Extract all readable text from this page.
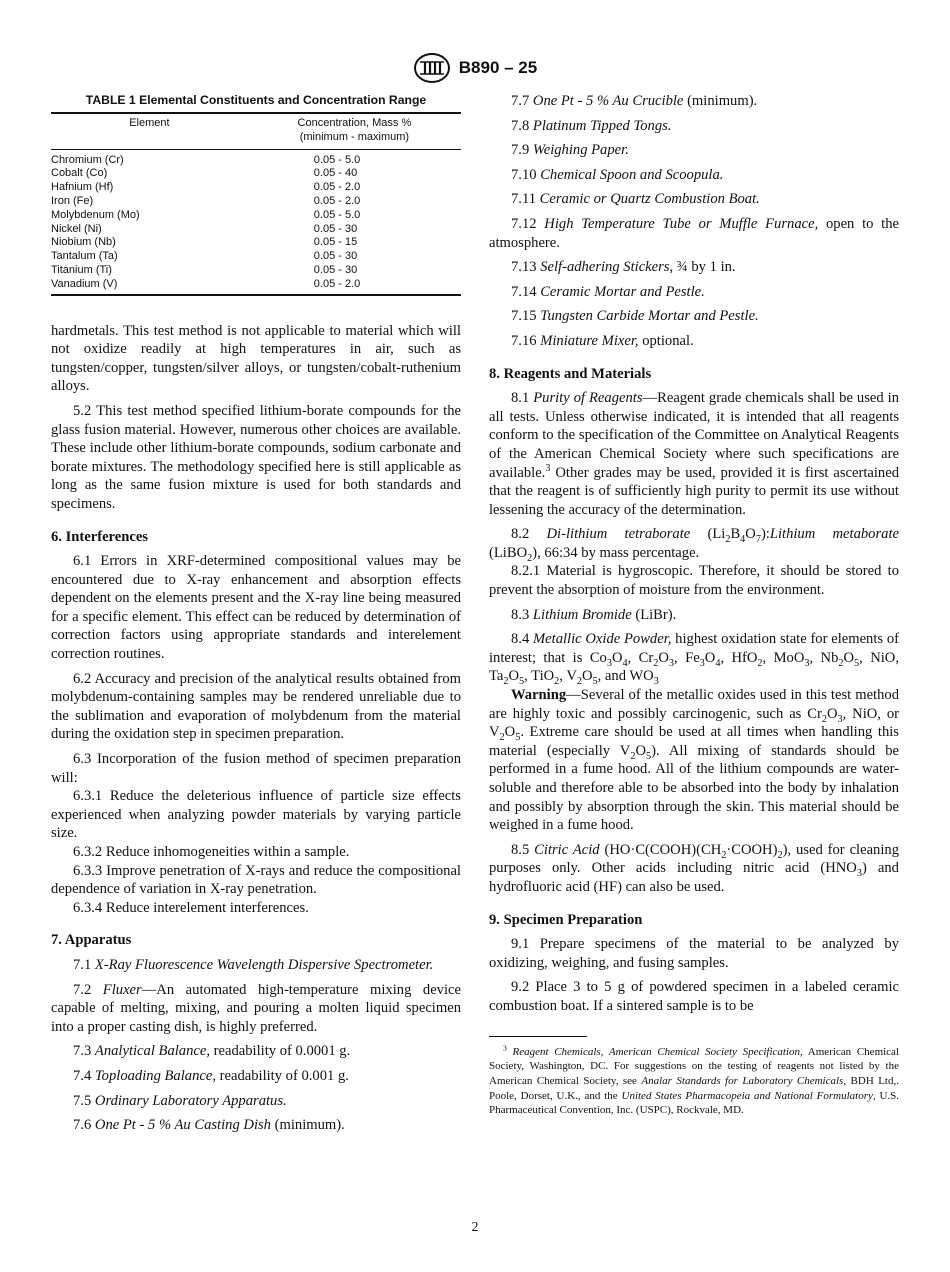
B890 – 25
TABLE 1 Elemental Constituents and Concentration Range
Element	Concentration, Mass %
(minimum - maximum)
Chromium (Cr)	0.05 - 5.0
Cobalt (Co)	0.05 - 40
Hafnium (Hf)	0.05 - 2.0
Iron (Fe)	0.05 - 2.0
Molybdenum (Mo)	0.05 - 5.0
Nickel (Ni)	0.05 - 30
Niobium (Nb)	0.05 - 15
Tantalum (Ta)	0.05 - 30
Titanium (Ti)	0.05 - 30
Vanadium (V)	0.05 - 2.0

hardmetals. This test method is not applicable to material which will not oxidize readily at high temperatures in air, such as tungsten/copper, tungsten/silver alloys, or tungsten/cobalt-ruthenium alloys.

5.2 This test method specified lithium-borate compounds for the glass fusion material. However, numerous other choices are available. These include other lithium-borate compounds, sodium carbonate and borate mixtures. The methodology specified here is still applicable as long as the same fusion mixture is used for both standards and specimens.

6. Interferences

6.1 Errors in XRF-determined compositional values may be encountered due to X-ray enhancement and absorption effects dependent on the elements present and the X-ray line being measured for a specific element. This effect can be reduced by determination of correction factors using appropriate standards and interelement correction routines.

6.2 Accuracy and precision of the analytical results obtained from molybdenum-containing samples may be rendered unreliable due to the sublimation and evaporation of molybdenum from the material during the oxidation step in specimen preparation.

6.3 Incorporation of the fusion method of specimen preparation will:

6.3.1 Reduce the deleterious influence of particle size effects experienced when analyzing powder materials by varying particle size.

6.3.2 Reduce inhomogeneities within a sample.

6.3.3 Improve penetration of X-rays and reduce the compositional dependence of variation in X-ray penetration.

6.3.4 Reduce interelement interferences.

7. Apparatus

7.1 X-Ray Fluorescence Wavelength Dispersive Spectrometer.

7.2 Fluxer—An automated high-temperature mixing device capable of melting, mixing, and pouring a molten liquid specimen into a proper casting dish, is highly preferred.

7.3 Analytical Balance, readability of 0.0001 g.

7.4 Toploading Balance, readability of 0.001 g.

7.5 Ordinary Laboratory Apparatus.

7.6 One Pt - 5 % Au Casting Dish (minimum).

7.7 One Pt - 5 % Au Crucible (minimum).

7.8 Platinum Tipped Tongs.

7.9 Weighing Paper.

7.10 Chemical Spoon and Scoopula.

7.11 Ceramic or Quartz Combustion Boat.

7.12 High Temperature Tube or Muffle Furnace, open to the atmosphere.

7.13 Self-adhering Stickers, ¾ by 1 in.

7.14 Ceramic Mortar and Pestle.

7.15 Tungsten Carbide Mortar and Pestle.

7.16 Miniature Mixer, optional.

8. Reagents and Materials

8.1 Purity of Reagents—Reagent grade chemicals shall be used in all tests. Unless otherwise indicated, it is intended that all reagents conform to the specification of the Committee on Analytical Reagents of the American Chemical Society where such specifications are available.$^3$ Other grades may be used, provided it is first ascertained that the reagent is of sufficiently high purity to permit its use without lessening the accuracy of the determination.

8.2 Di-lithium tetraborate $(Li_2B_4O_7):Lithium$ metaborate (LiBO$_2$), 66:34 by mass percentage.

8.2.1 Material is hygroscopic. Therefore, it should be stored to prevent the absorption of moisture from the environment.

8.3 Lithium Bromide (LiBr).

8.4 Metallic Oxide Powder, highest oxidation state for elements of interest; that is $Co_3O_4$, $Cr_2O_3$, $Fe_3O_4$, HfO$_2$, MoO$_3$, $Nb_2O_5$, NiO, $Ta_2O_5$, TiO$_2$, $V_2O_5$, and $WO_3$

Warning—Several of the metallic oxides used in this test method are highly toxic and possibly carcinogenic, such as $Cr_2O_3$, NiO, or $V_2O_5$. Extreme care should be used at all times when handling this material (especially $V_2O_5$). All mixing of standards should be performed in a fume hood. All of the lithium compounds are water-soluble and therefore able to be absorbed into the body by inhalation and possibly by absorption through the skin. This material should be weighed in a fume hood.

8.5 Citric Acid $(HO\cdot C(COOH)(CH_2\cdot COOH)_2)$, used for cleaning purposes only. Other acids including nitric acid $(HNO_3)$ and hydrofluoric acid (HF) can also be used.

9. Specimen Preparation

9.1 Prepare specimens of the material to be analyzed by oxidizing, weighing, and fusing samples.

9.2 Place 3 to 5 g of powdered specimen in a labeled ceramic combustion boat. If a sintered sample is to be

$^3$ Reagent Chemicals, American Chemical Society Specification, American Chemical Society, Washington, DC. For suggestions on the testing of reagents not listed by the American Chemical Society, see Analar Standards for Laboratory Chemicals, BDH Ltd,. Poole, Dorset, U.K., and the United States Pharmacopeia and National Formulatory, U.S. Pharmaceutical Convention, Inc. (USPC), Rockvale, MD.
2
